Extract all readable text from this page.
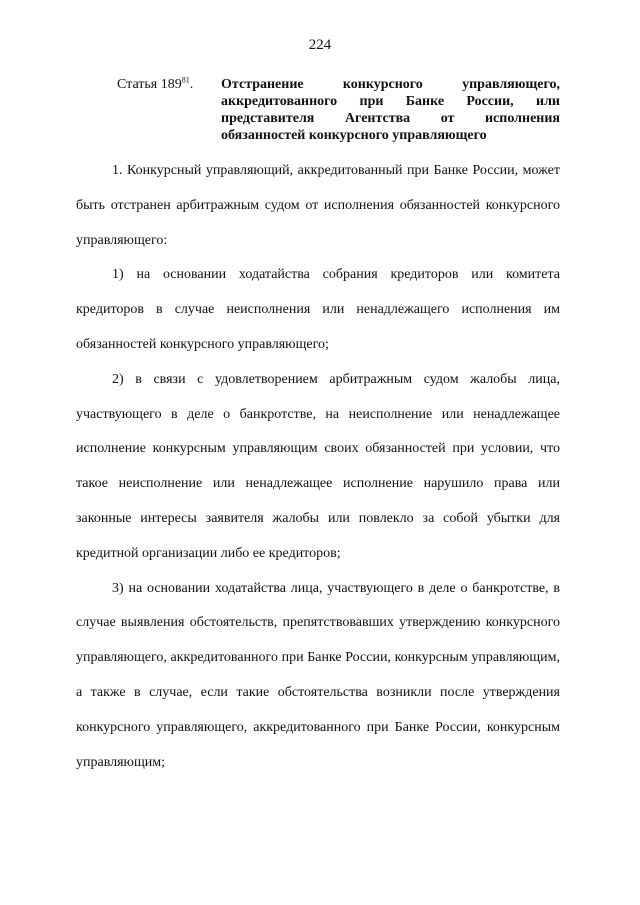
224
Статья $189^{81}$. Отстранение конкурсного управляющего, аккредитованного при Банке России, или представителя Агентства от исполнения обязанностей конкурсного управляющего

1. Конкурсный управляющий, аккредитованный при Банке России, может быть отстранен арбитражным судом от исполнения обязанностей конкурсного управляющего:

1) на основании ходатайства собрания кредиторов или комитета кредиторов в случае неисполнения или ненадлежащего исполнения им обязанностей конкурсного управляющего;

2) в связи с удовлетворением арбитражным судом жалобы лица, участвующего в деле о банкротстве, на неисполнение или ненадлежащее исполнение конкурсным управляющим своих обязанностей при условии, что такое неисполнение или ненадлежащее исполнение нарушило права или законные интересы заявителя жалобы или повлекло за собой убытки для кредитной организации либо ее кредиторов;

3) на основании ходатайства лица, участвующего в деле о банкротстве, в случае выявления обстоятельств, препятствовавших утверждению конкурсного управляющего, аккредитованного при Банке России, конкурсным управляющим, а также в случае, если такие обстоятельства возникли после утверждения конкурсного управляющего, аккредитованного при Банке России, конкурсным управляющим;
